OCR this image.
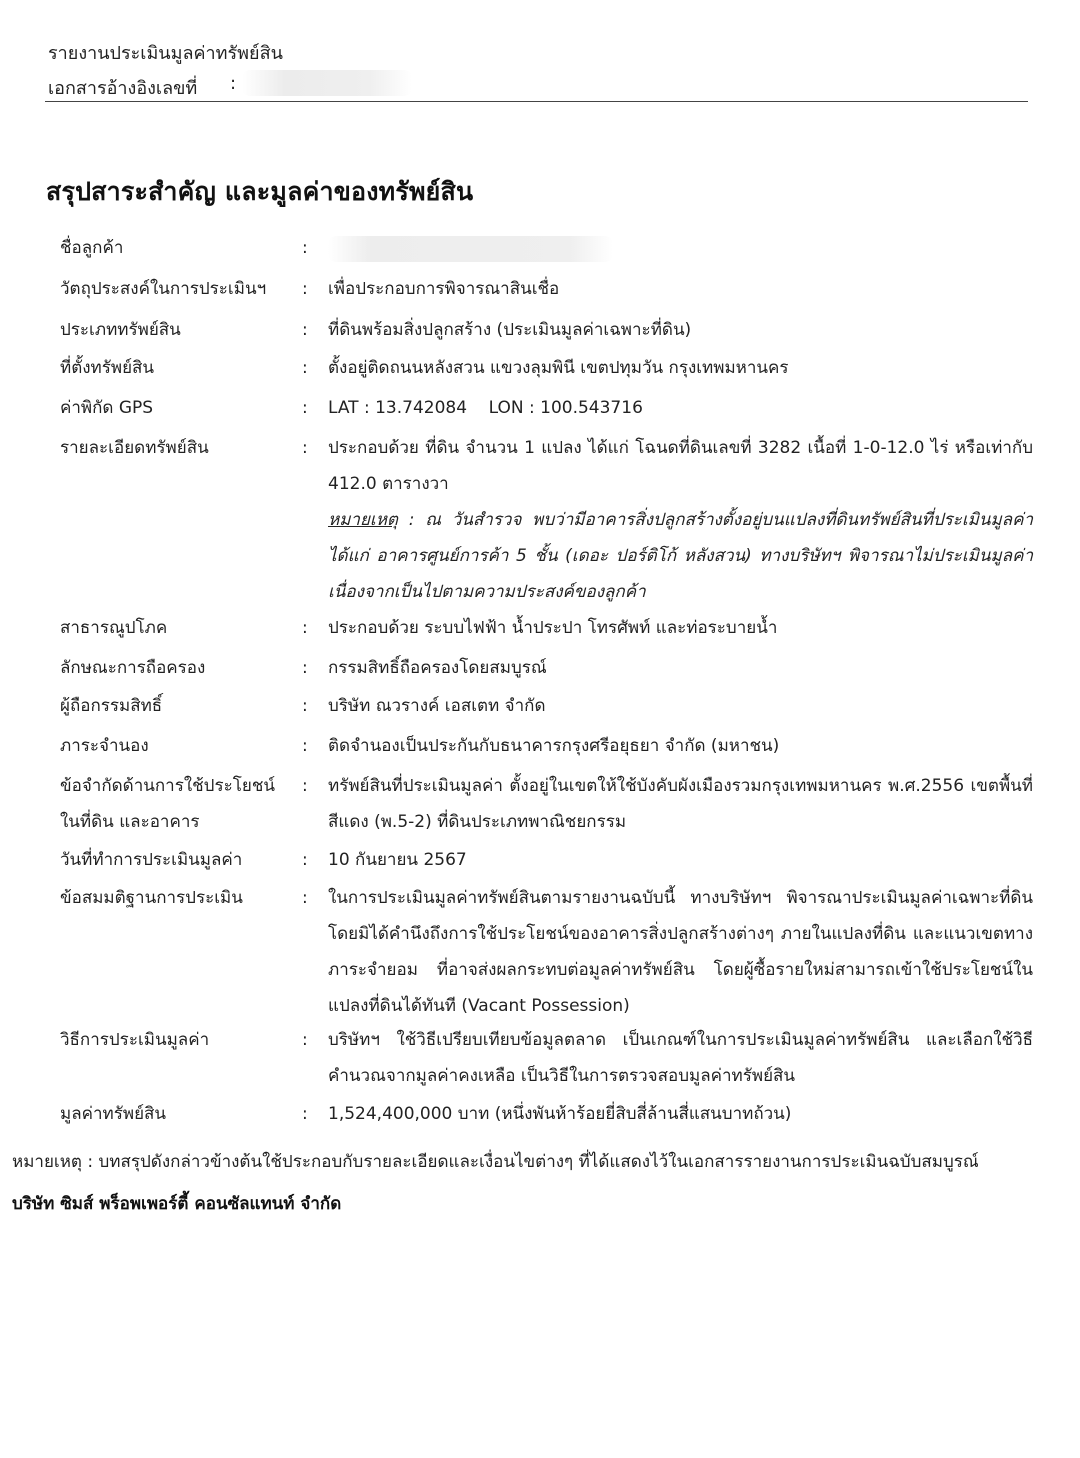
รายงานประเมินมูลค่าทรัพย์สิน
เอกสารอ้างอิงเลขที่ :
สรุปสาระสำคัญ และมูลค่าของทรัพย์สิน
ชื่อลูกค้า	:
วัตถุประสงค์ในการประเมินฯ	: เพื่อประกอบการพิจารณาสินเชื่อ
ประเภททรัพย์สิน	: ที่ดินพร้อมสิ่งปลูกสร้าง (ประเมินมูลค่าเฉพาะที่ดิน)
ที่ตั้งทรัพย์สิน	: ตั้งอยู่ติดถนนหลังสวน แขวงลุมพินี เขตปทุมวัน กรุงเทพมหานคร
ค่าพิกัด GPS	: LAT : 13.742084    LON : 100.543716
รายละเอียดทรัพย์สิน	: ประกอบด้วย ที่ดิน จำนวน 1 แปลง ได้แก่ โฉนดที่ดินเลขที่ 3282 เนื้อที่ 1-0-12.0 ไร่ หรือเท่ากับ 412.0 ตารางวา
หมายเหตุ : ณ วันสำรวจ พบว่ามีอาคารสิ่งปลูกสร้างตั้งอยู่บนแปลงที่ดินทรัพย์สินที่ประเมินมูลค่า ได้แก่ อาคารศูนย์การค้า 5 ชั้น (เดอะ ปอร์ติโก้ หลังสวน) ทางบริษัทฯ พิจารณาไม่ประเมินมูลค่า เนื่องจากเป็นไปตามความประสงค์ของลูกค้า
สาธารณูปโภค	: ประกอบด้วย ระบบไฟฟ้า น้ำประปา โทรศัพท์ และท่อระบายน้ำ
ลักษณะการถือครอง	: กรรมสิทธิ์ถือครองโดยสมบูรณ์
ผู้ถือกรรมสิทธิ์	: บริษัท ณวรางค์ เอสเตท จำกัด
ภาระจำนอง	: ติดจำนองเป็นประกันกับธนาคารกรุงศรีอยุธยา จำกัด (มหาชน)
ข้อจำกัดด้านการใช้ประโยชน์
ในที่ดิน และอาคาร
: ทรัพย์สินที่ประเมินมูลค่า ตั้งอยู่ในเขตให้ใช้บังคับผังเมืองรวมกรุงเทพมหานคร พ.ศ.2556 เขตพื้นที่สีแดง (พ.5-2) ที่ดินประเภทพาณิชยกรรม
วันที่ทำการประเมินมูลค่า	: 10 กันยายน 2567
ข้อสมมติฐานการประเมิน	: ในการประเมินมูลค่าทรัพย์สินตามรายงานฉบับนี้ ทางบริษัทฯ พิจารณาประเมินมูลค่าเฉพาะที่ดิน โดยมิได้คำนึงถึงการใช้ประโยชน์ของอาคารสิ่งปลูกสร้างต่างๆ ภายในแปลงที่ดิน และแนวเขตทางภาระจำยอม ที่อาจส่งผลกระทบต่อมูลค่าทรัพย์สิน โดยผู้ซื้อรายใหม่สามารถเข้าใช้ประโยชน์ในแปลงที่ดินได้ทันที (Vacant Possession)
วิธีการประเมินมูลค่า	: บริษัทฯ ใช้วิธีเปรียบเทียบข้อมูลตลาด เป็นเกณฑ์ในการประเมินมูลค่าทรัพย์สิน และเลือกใช้วิธีคำนวณจากมูลค่าคงเหลือ เป็นวิธีในการตรวจสอบมูลค่าทรัพย์สิน
มูลค่าทรัพย์สิน	: 1,524,400,000 บาท (หนึ่งพันห้าร้อยยี่สิบสี่ล้านสี่แสนบาทถ้วน)
หมายเหตุ : บทสรุปดังกล่าวข้างต้นใช้ประกอบกับรายละเอียดและเงื่อนไขต่างๆ ที่ได้แสดงไว้ในเอกสารรายงานการประเมินฉบับสมบูรณ์
บริษัท ซิมส์ พร็อพเพอร์ตี้ คอนซัลแทนท์ จำกัด
